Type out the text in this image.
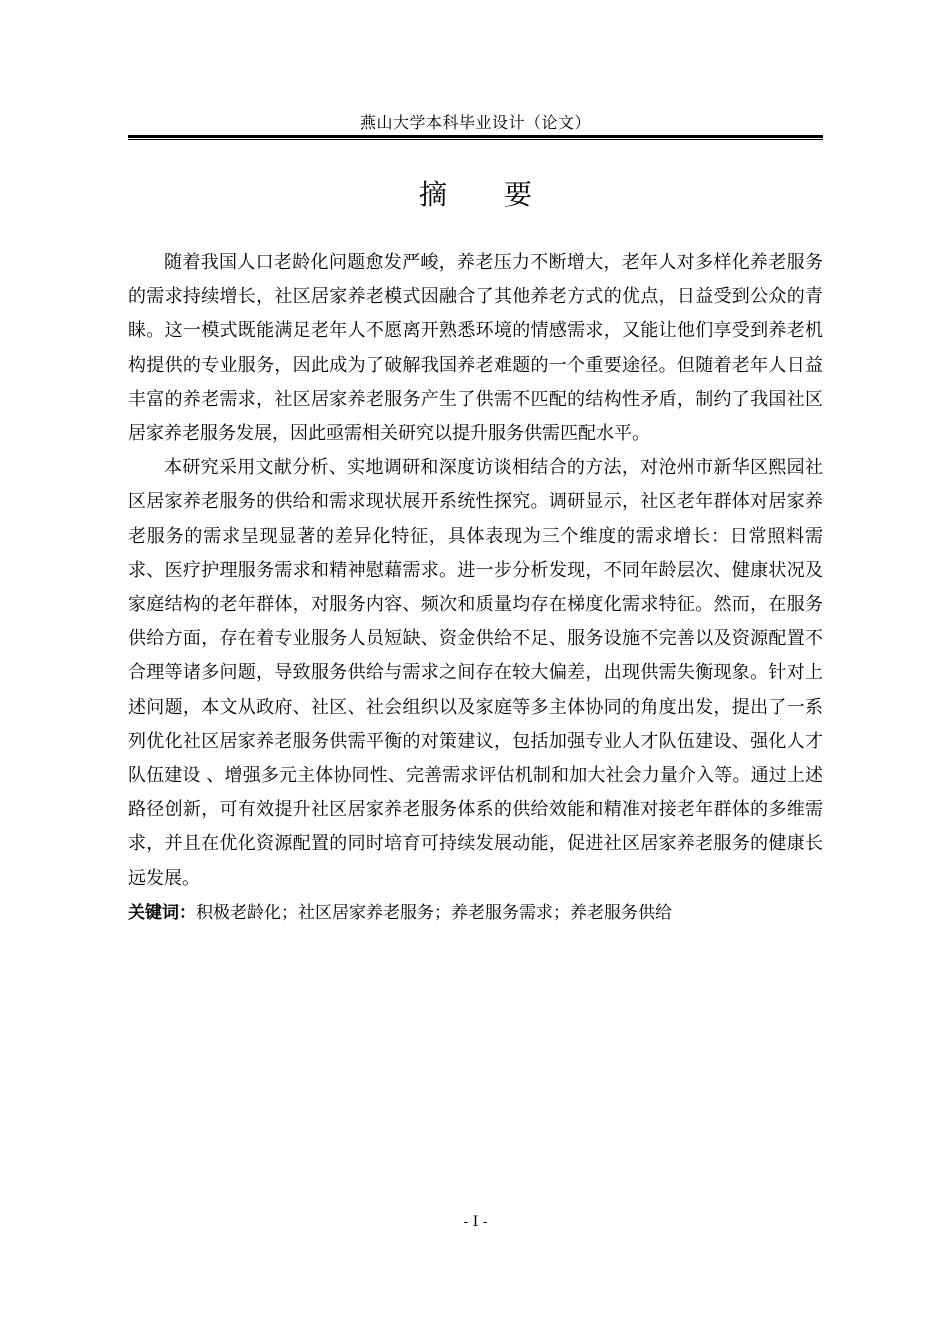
燕山大学本科毕业设计（论文）
摘 要

随着我国人口老龄化问题愈发严峻，养老压力不断增大，老年人对多样化养老服务的需求持续增长，社区居家养老模式因融合了其他养老方式的优点，日益受到公众的青睐。这一模式既能满足老年人不愿离开熟悉环境的情感需求，又能让他们享受到养老机构提供的专业服务，因此成为了破解我国养老难题的一个重要途径。但随着老年人日益丰富的养老需求，社区居家养老服务产生了供需不匹配的结构性矛盾，制约了我国社区居家养老服务发展，因此亟需相关研究以提升服务供需匹配水平。

本研究采用文献分析、实地调研和深度访谈相结合的方法，对沧州市新华区熙园社区居家养老服务的供给和需求现状展开系统性探究。调研显示，社区老年群体对居家养老服务的需求呈现显著的差异化特征，具体表现为三个维度的需求增长：日常照料需求、医疗护理服务需求和精神慰藉需求。进一步分析发现，不同年龄层次、健康状况及家庭结构的老年群体，对服务内容、频次和质量均存在梯度化需求特征。然而，在服务供给方面，存在着专业服务人员短缺、资金供给不足、服务设施不完善以及资源配置不合理等诸多问题，导致服务供给与需求之间存在较大偏差，出现供需失衡现象。针对上述问题，本文从政府、社区、社会组织以及家庭等多主体协同的角度出发，提出了一系列优化社区居家养老服务供需平衡的对策建议，包括加强专业人才队伍建设、强化人才队伍建设 、增强多元主体协同性、完善需求评估机制和加大社会力量介入等。通过上述路径创新，可有效提升社区居家养老服务体系的供给效能和精准对接老年群体的多维需求，并且在优化资源配置的同时培育可持续发展动能，促进社区居家养老服务的健康长远发展。

关键词：积极老龄化；社区居家养老服务；养老服务需求；养老服务供给

- I -
